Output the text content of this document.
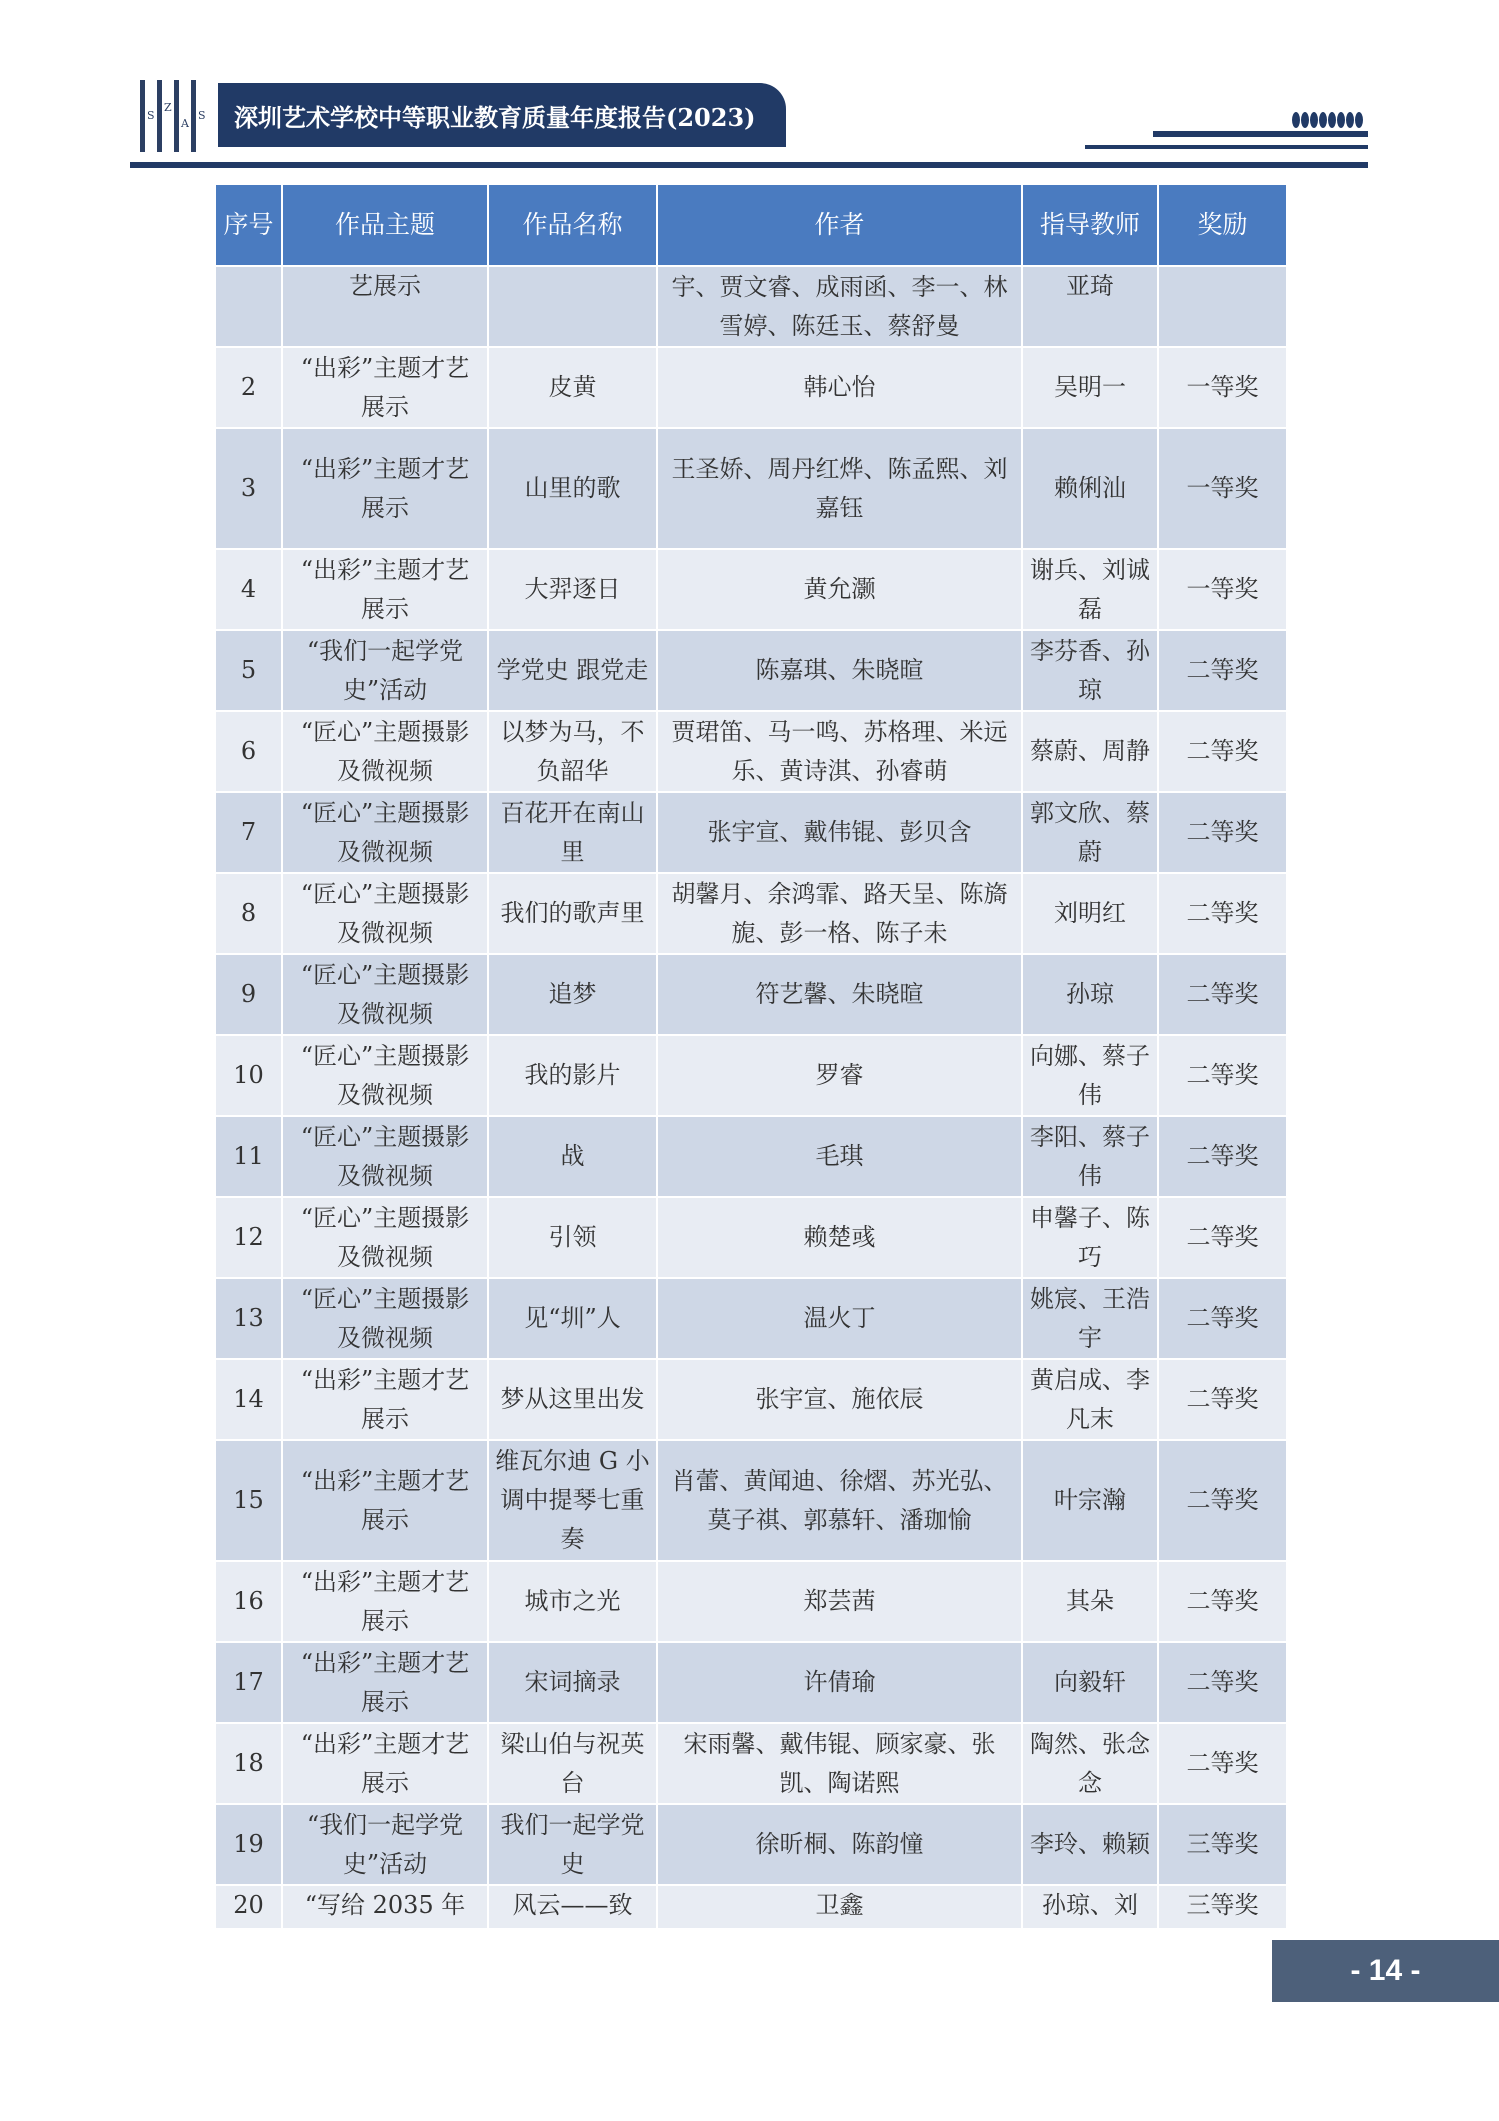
S
Z
A
S	深圳艺术学校中等职业教育质量年度报告(2023)
序号	作品主题	作品名称	作者	指导教师	奖励
	艺展示		宇、贾文睿、成雨函、李一、林雪婷、陈廷玉、蔡舒曼	亚琦	
2	“出彩”主题才艺展示	皮黄	韩心怡	吴明一	一等奖
3	“出彩”主题才艺展示	山里的歌	王圣娇、周丹红烨、陈孟熙、刘嘉钰	赖俐汕	一等奖
4	“出彩”主题才艺展示	大羿逐日	黄允灏	谢兵、刘诚磊	一等奖
5	“我们一起学党史”活动	学党史 跟党走	陈嘉琪、朱晓暄	李芬香、孙琼	二等奖
6	“匠心”主题摄影及微视频	以梦为马，不负韶华	贾珺笛、马一鸣、苏格理、米远乐、黄诗淇、孙睿萌	蔡蔚、周静	二等奖
7	“匠心”主题摄影及微视频	百花开在南山里	张宇宣、戴伟锟、彭贝含	郭文欣、蔡蔚	二等奖
8	“匠心”主题摄影及微视频	我们的歌声里	胡馨月、余鸿霏、路天呈、陈旖旎、彭一格、陈子未	刘明红	二等奖
9	“匠心”主题摄影及微视频	追梦	符艺馨、朱晓暄	孙琼	二等奖
10	“匠心”主题摄影及微视频	我的影片	罗睿	向娜、蔡子伟	二等奖
11	“匠心”主题摄影及微视频	战	毛琪	李阳、蔡子伟	二等奖
12	“匠心”主题摄影及微视频	引领	赖楚彧	申馨子、陈巧	二等奖
13	“匠心”主题摄影及微视频	见“圳”人	温火丁	姚宸、王浩宇	二等奖
14	“出彩”主题才艺展示	梦从这里出发	张宇宣、施依辰	黄启成、李凡末	二等奖
15	“出彩”主题才艺展示	维瓦尔迪 G 小调中提琴七重奏	肖蕾、黄闻迪、徐熠、苏光弘、莫子祺、郭慕轩、潘珈愉	叶宗瀚	二等奖
16	“出彩”主题才艺展示	城市之光	郑芸茜	其朵	二等奖
17	“出彩”主题才艺展示	宋词摘录	许倩瑜	向毅轩	二等奖
18	“出彩”主题才艺展示	梁山伯与祝英台	宋雨馨、戴伟锟、顾家豪、张凯、陶诺熙	陶然、张念念	二等奖
19	“我们一起学党史”活动	我们一起学党史	徐昕桐、陈韵憧	李玲、赖颖	三等奖
20	“写给 2035 年	风云——致	卫鑫	孙琼、刘	三等奖
- 14 -
